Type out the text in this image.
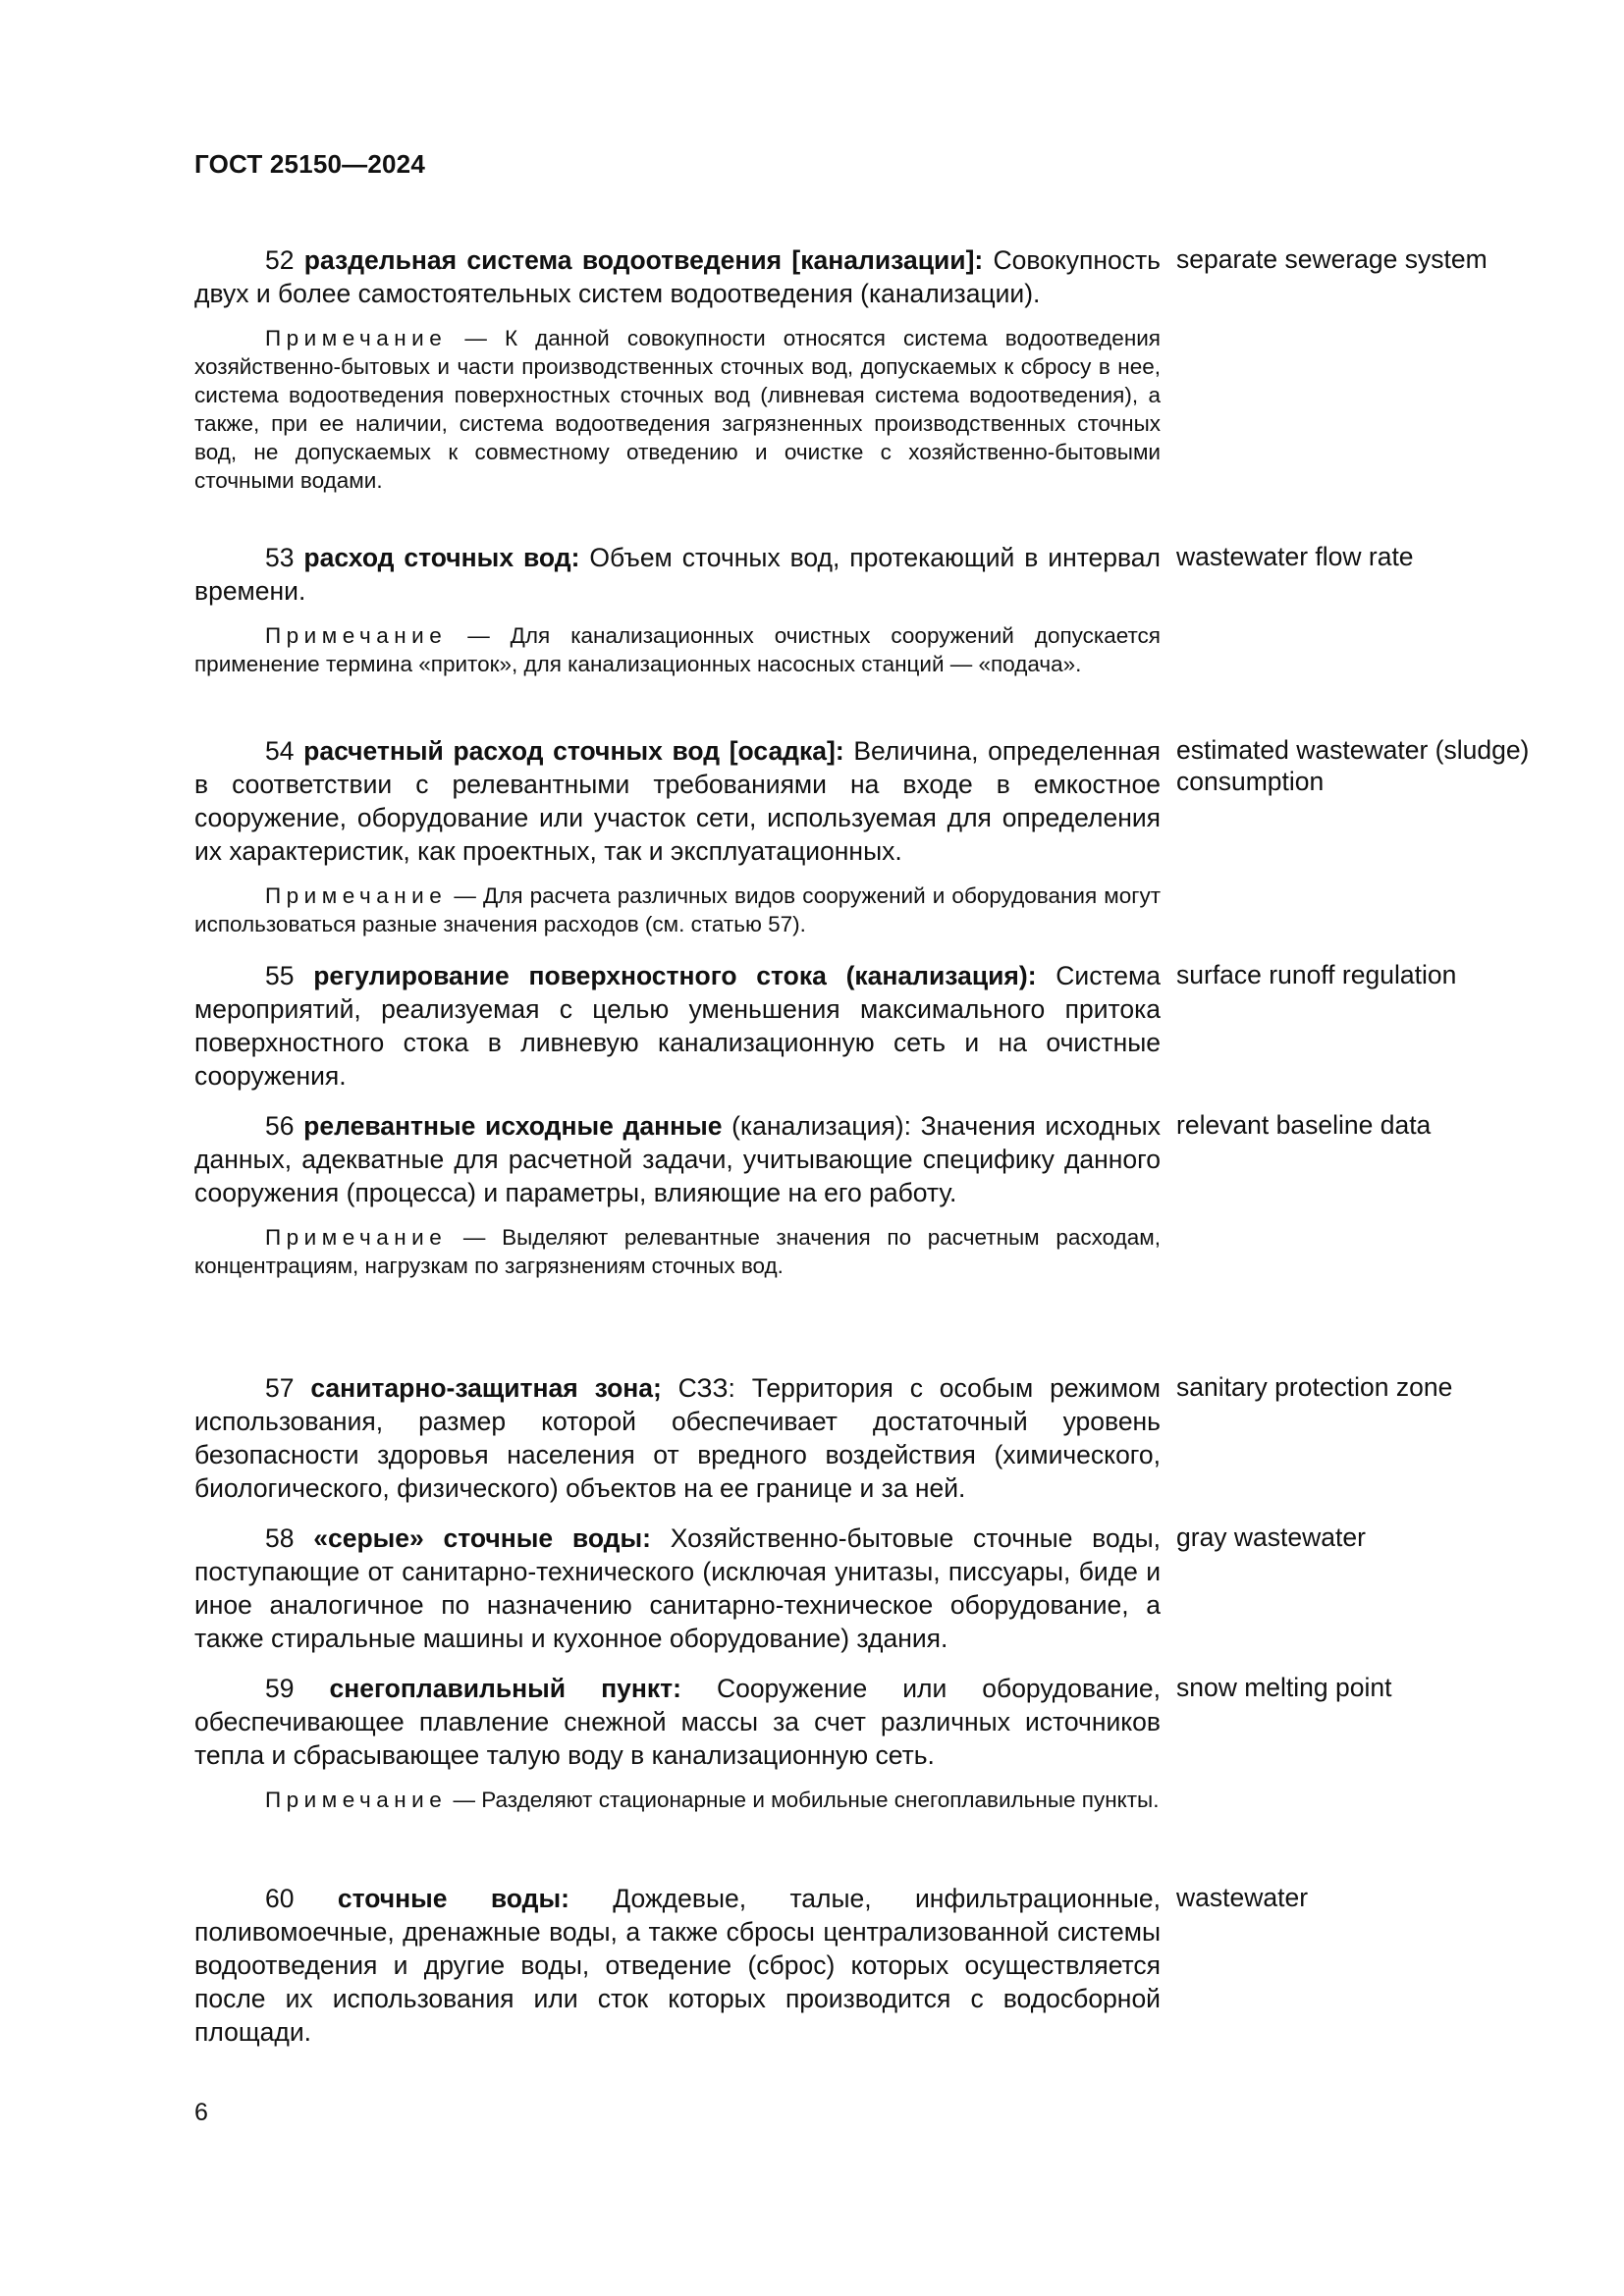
ГОСТ 25150—2024

52 раздельная система водоотведения [канализации]: Совокупность двух и более самостоятельных систем водоотведения (канализации).

separate sewerage system

Примечание — К данной совокупности относятся система водоотведения хозяйственно-бытовых и части производственных сточных вод, допускаемых к сбросу в нее, система водоотведения поверхностных сточных вод (ливневая система водоотведения), а также, при ее наличии, система водоотведения загрязненных производственных сточных вод, не допускаемых к совместному отведению и очистке с хозяйственно-бытовыми сточными водами.

53 расход сточных вод: Объем сточных вод, протекающий в интервал времени.

wastewater flow rate

Примечание — Для канализационных очистных сооружений допускается применение термина «приток», для канализационных насосных станций — «подача».

54 расчетный расход сточных вод [осадка]: Величина, определенная в соответствии с релевантными требованиями на входе в емкостное сооружение, оборудование или участок сети, используемая для определения их характеристик, как проектных, так и эксплуатационных.

estimated wastewater (sludge) consumption

Примечание — Для расчета различных видов сооружений и оборудования могут использоваться разные значения расходов (см. статью 57).

55 регулирование поверхностного стока (канализация): Система мероприятий, реализуемая с целью уменьшения максимального притока поверхностного стока в ливневую канализационную сеть и на очистные сооружения.

surface runoff regulation

56 релевантные исходные данные (канализация): Значения исходных данных, адекватные для расчетной задачи, учитывающие специфику данного сооружения (процесса) и параметры, влияющие на его работу.

relevant baseline data

Примечание — Выделяют релевантные значения по расчетным расходам, концентрациям, нагрузкам по загрязнениям сточных вод.

57 санитарно-защитная зона; СЗЗ: Территория с особым режимом использования, размер которой обеспечивает достаточный уровень безопасности здоровья населения от вредного воздействия (химического, биологического, физического) объектов на ее границе и за ней.

sanitary protection zone

58 «серые» сточные воды: Хозяйственно-бытовые сточные воды, поступающие от санитарно-технического (исключая унитазы, писсуары, биде и иное аналогичное по назначению санитарно-техническое оборудование, а также стиральные машины и кухонное оборудование) здания.

gray wastewater

59 снегоплавильный пункт: Сооружение или оборудование, обеспечивающее плавление снежной массы за счет различных источников тепла и сбрасывающее талую воду в канализационную сеть.

snow melting point

Примечание — Разделяют стационарные и мобильные снегоплавильные пункты.

60 сточные воды: Дождевые, талые, инфильтрационные, поливомоечные, дренажные воды, а также сбросы централизованной системы водоотведения и другие воды, отведение (сброс) которых осуществляется после их использования или сток которых производится с водосборной площади.

wastewater

6
